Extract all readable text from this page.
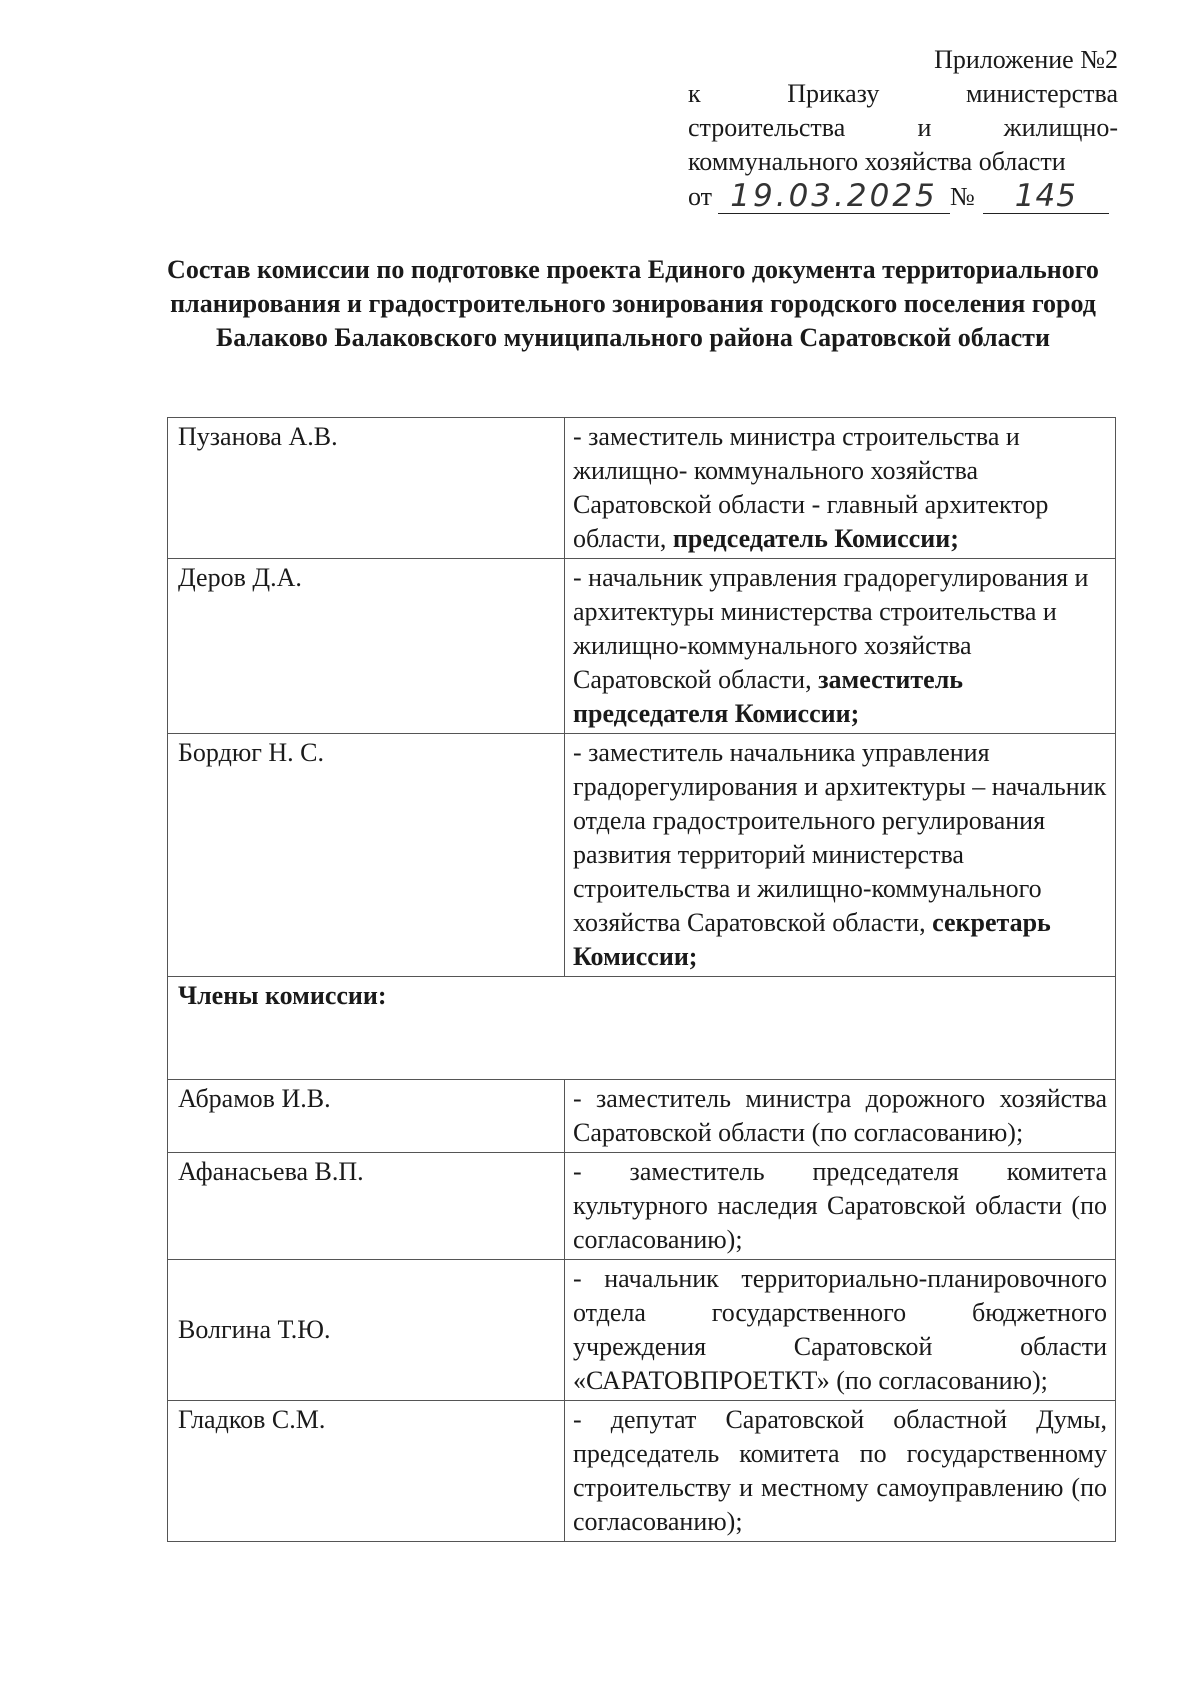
Приложение №2
к Приказу министерства
строительства и жилищно-
коммунального хозяйства области
от 19.03.2025 №	145
Состав комиссии по подготовке проекта Единого документа территориального планирования и градостроительного зонирования городского поселения город Балаково Балаковского муниципального района Саратовской области
Пузанова А.В.	- заместитель министра строительства и жилищно- коммунального хозяйства Саратовской области - главный архитектор области, председатель Комиссии;
Деров Д.А.	- начальник управления градорегулирования и архитектуры министерства строительства и жилищно-коммунального хозяйства Саратовской области, заместитель председателя Комиссии;
Бордюг Н. С.	- заместитель начальника управления градорегулирования и архитектуры – начальник отдела градостроительного регулирования развития территорий министерства строительства и жилищно-коммунального хозяйства Саратовской области, секретарь Комиссии;
Члены комиссии:	
Абрамов И.В.	- заместитель министра дорожного хозяйства Саратовской области (по согласованию);
Афанасьева В.П.	- заместитель председателя комитета культурного наследия Саратовской области (по согласованию);
Волгина Т.Ю.	- начальник территориально-планировочного отдела государственного бюджетного учреждения Саратовской области «САРАТОВПРОЕТКТ» (по согласованию);
Гладков С.М.	- депутат Саратовской областной Думы, председатель комитета по государственному строительству и местному самоуправлению (по согласованию);
